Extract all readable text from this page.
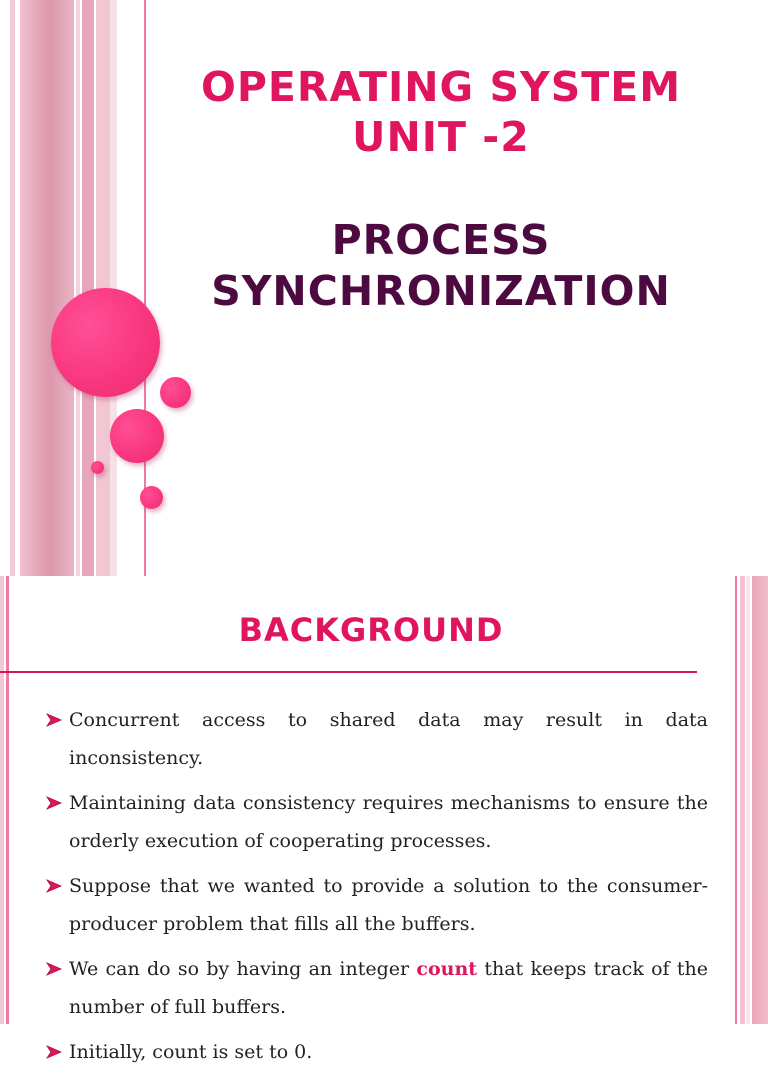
OPERATING SYSTEM
UNIT -2
PROCESS
SYNCHRONIZATION
BACKGROUND
Concurrent access to shared data may result in data inconsistency.
Maintaining data consistency requires mechanisms to ensure the orderly execution of cooperating processes.
Suppose that we wanted to provide a solution to the consumer-producer problem that fills all the buffers.
We can do so by having an integer count that keeps track of the number of full buffers.
Initially, count is set to 0.
